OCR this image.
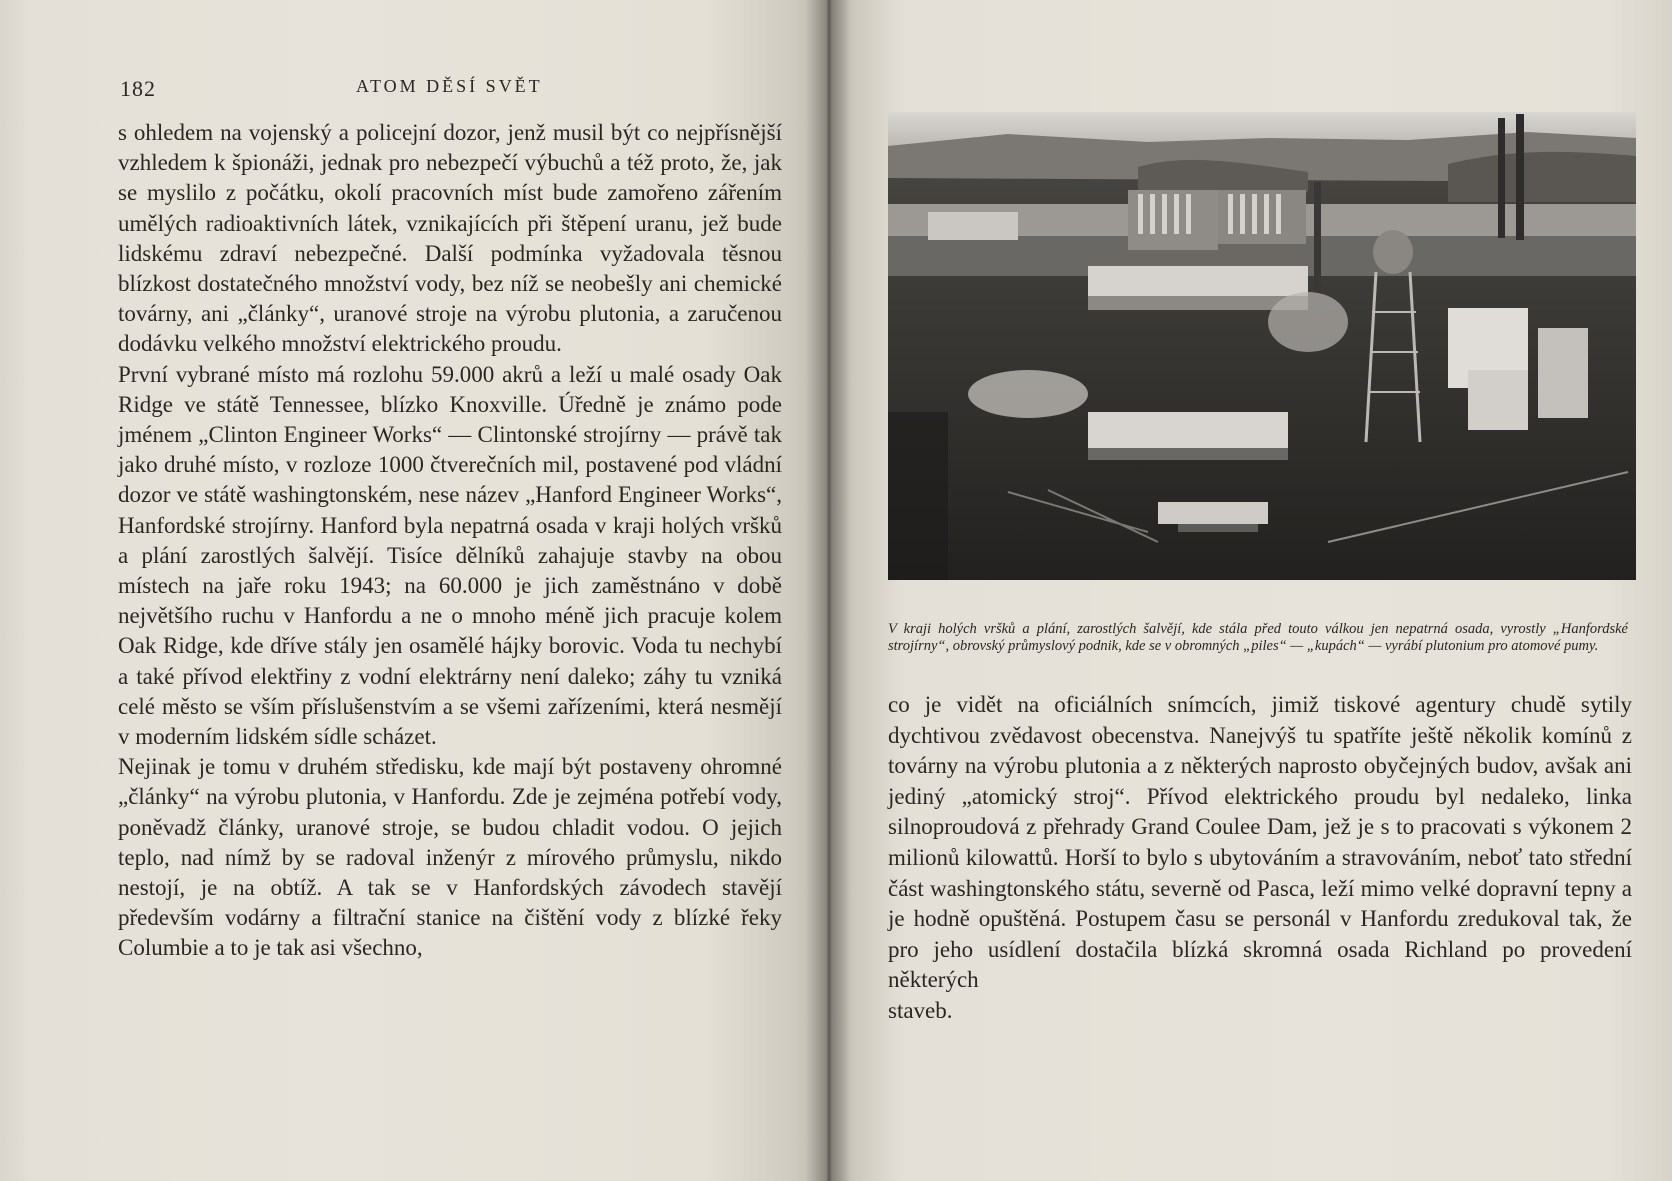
182	ATOM DĚSÍ SVĚT

s ohledem na vojenský a policejní dozor, jenž musil být co nejpřísnější vzhledem k špionáži, jednak pro nebezpečí výbuchů a též proto, že, jak se myslilo z počátku, okolí pracovních míst bude zamořeno zářením umělých radioaktivních látek, vznikajících při štěpení uranu, jež bude lidskému zdraví nebezpečné. Další podmínka vyžadovala těsnou blízkost dostatečného množství vody, bez níž se neobešly ani chemické továrny, ani „články“, uranové stroje na výrobu plutonia, a zaručenou dodávku velkého množství elektrického proudu.

První vybrané místo má rozlohu 59.000 akrů a leží u malé osady Oak Ridge ve státě Tennessee, blízko Knoxville. Úředně je známo pode jménem „Clinton Engineer Works“ — Clintonské strojírny — právě tak jako druhé místo, v rozloze 1000 čtverečních mil, postavené pod vládní dozor ve státě washingtonském, nese název „Hanford Engineer Works“, Hanfordské strojírny. Hanford byla nepatrná osada v kraji holých vršků a plání zarostlých šalvějí. Tisíce dělníků zahajuje stavby na obou místech na jaře roku 1943; na 60.000 je jich zaměstnáno v době největšího ruchu v Hanfordu a ne o mnoho méně jich pracuje kolem Oak Ridge, kde dříve stály jen osamělé hájky borovic. Voda tu nechybí a také přívod elektřiny z vodní elektrárny není daleko; záhy tu vzniká celé město se vším příslušenstvím a se všemi zařízeními, která nesmějí v moderním lidském sídle scházet.

Nejinak je tomu v druhém středisku, kde mají být postaveny ohromné „články“ na výrobu plutonia, v Hanfordu. Zde je zejména potřebí vody, poněvadž články, uranové stroje, se budou chladit vodou. O jejich teplo, nad nímž by se radoval inženýr z mírového průmyslu, nikdo nestojí, je na obtíž. A tak se v Hanfordských závodech stavějí především vodárny a filtrační stanice na čištění vody z blízké řeky Columbie a to je tak asi všechno,

V kraji holých vršků a plání, zarostlých šalvějí, kde stála před touto válkou jen nepatrná osada, vyrostly „Hanfordské strojírny“, obrovský průmyslový podnik, kde se v obromných „piles“ — „kupách“ — vyrábí plutonium pro atomové pumy.

co je vidět na oficiálních snímcích, jimiž tiskové agentury chudě sytily dychtivou zvědavost obecenstva. Nanejvýš tu spatříte ještě několik komínů z továrny na výrobu plutonia a z některých naprosto obyčejných budov, avšak ani jediný „atomický stroj“. Přívod elektrického proudu byl nedaleko, linka silnoproudová z přehrady Grand Coulee Dam, jež je s to pracovati s výkonem 2 milionů kilowattů. Horší to bylo s ubytováním a stravováním, neboť tato střední část washingtonského státu, severně od Pasca, leží mimo velké dopravní tepny a je hodně opuštěná. Postupem času se personál v Hanfordu zredukoval tak, že pro jeho usídlení dostačila blízká skromná osada Richland po provedení některých

staveb.
